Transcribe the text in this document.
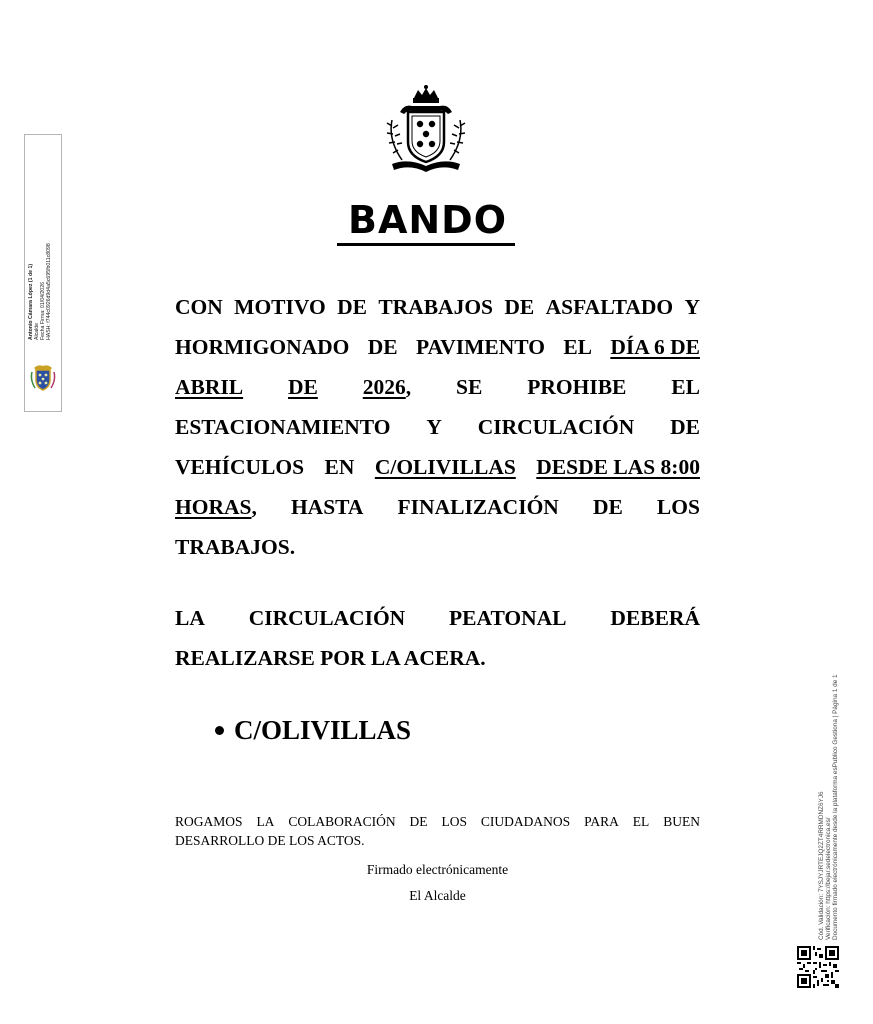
BANDO
CON MOTIVO DE TRABAJOS DE ASFALTADO Y
HORMIGONADO DE PAVIMENTO EL DÍA 6 DE
ABRIL DE 2026, SE PROHIBE EL
ESTACIONAMIENTO Y CIRCULACIÓN DE
VEHÍCULOS EN C/OLIVILLAS DESDE LAS 8:00
HORAS, HASTA FINALIZACIÓN DE LOS
TRABAJOS.
LA CIRCULACIÓN PEATONAL DEBERÁ
REALIZARSE POR LA ACERA.
C/OLIVILLAS
ROGAMOS LA COLABORACIÓN DE LOS CIUDADANOS PARA EL BUEN
DESARROLLO DE LOS ACTOS.
Firmado electrónicamente
El Alcalde
Antonio Cámara López (1 de 1) Alcalde Fecha Firma: 01/04/2026 HASH: f744c0926d9d4a5c695fb011c8098
Cód. Validación: 7YSJYJRTEJQ2ZT4RRMDNZ6YJ6 Verificación: https://bejar.sedelectronica.es/ Documento firmado electrónicamente desde la plataforma esPublico Gestiona | Página 1 de 1
